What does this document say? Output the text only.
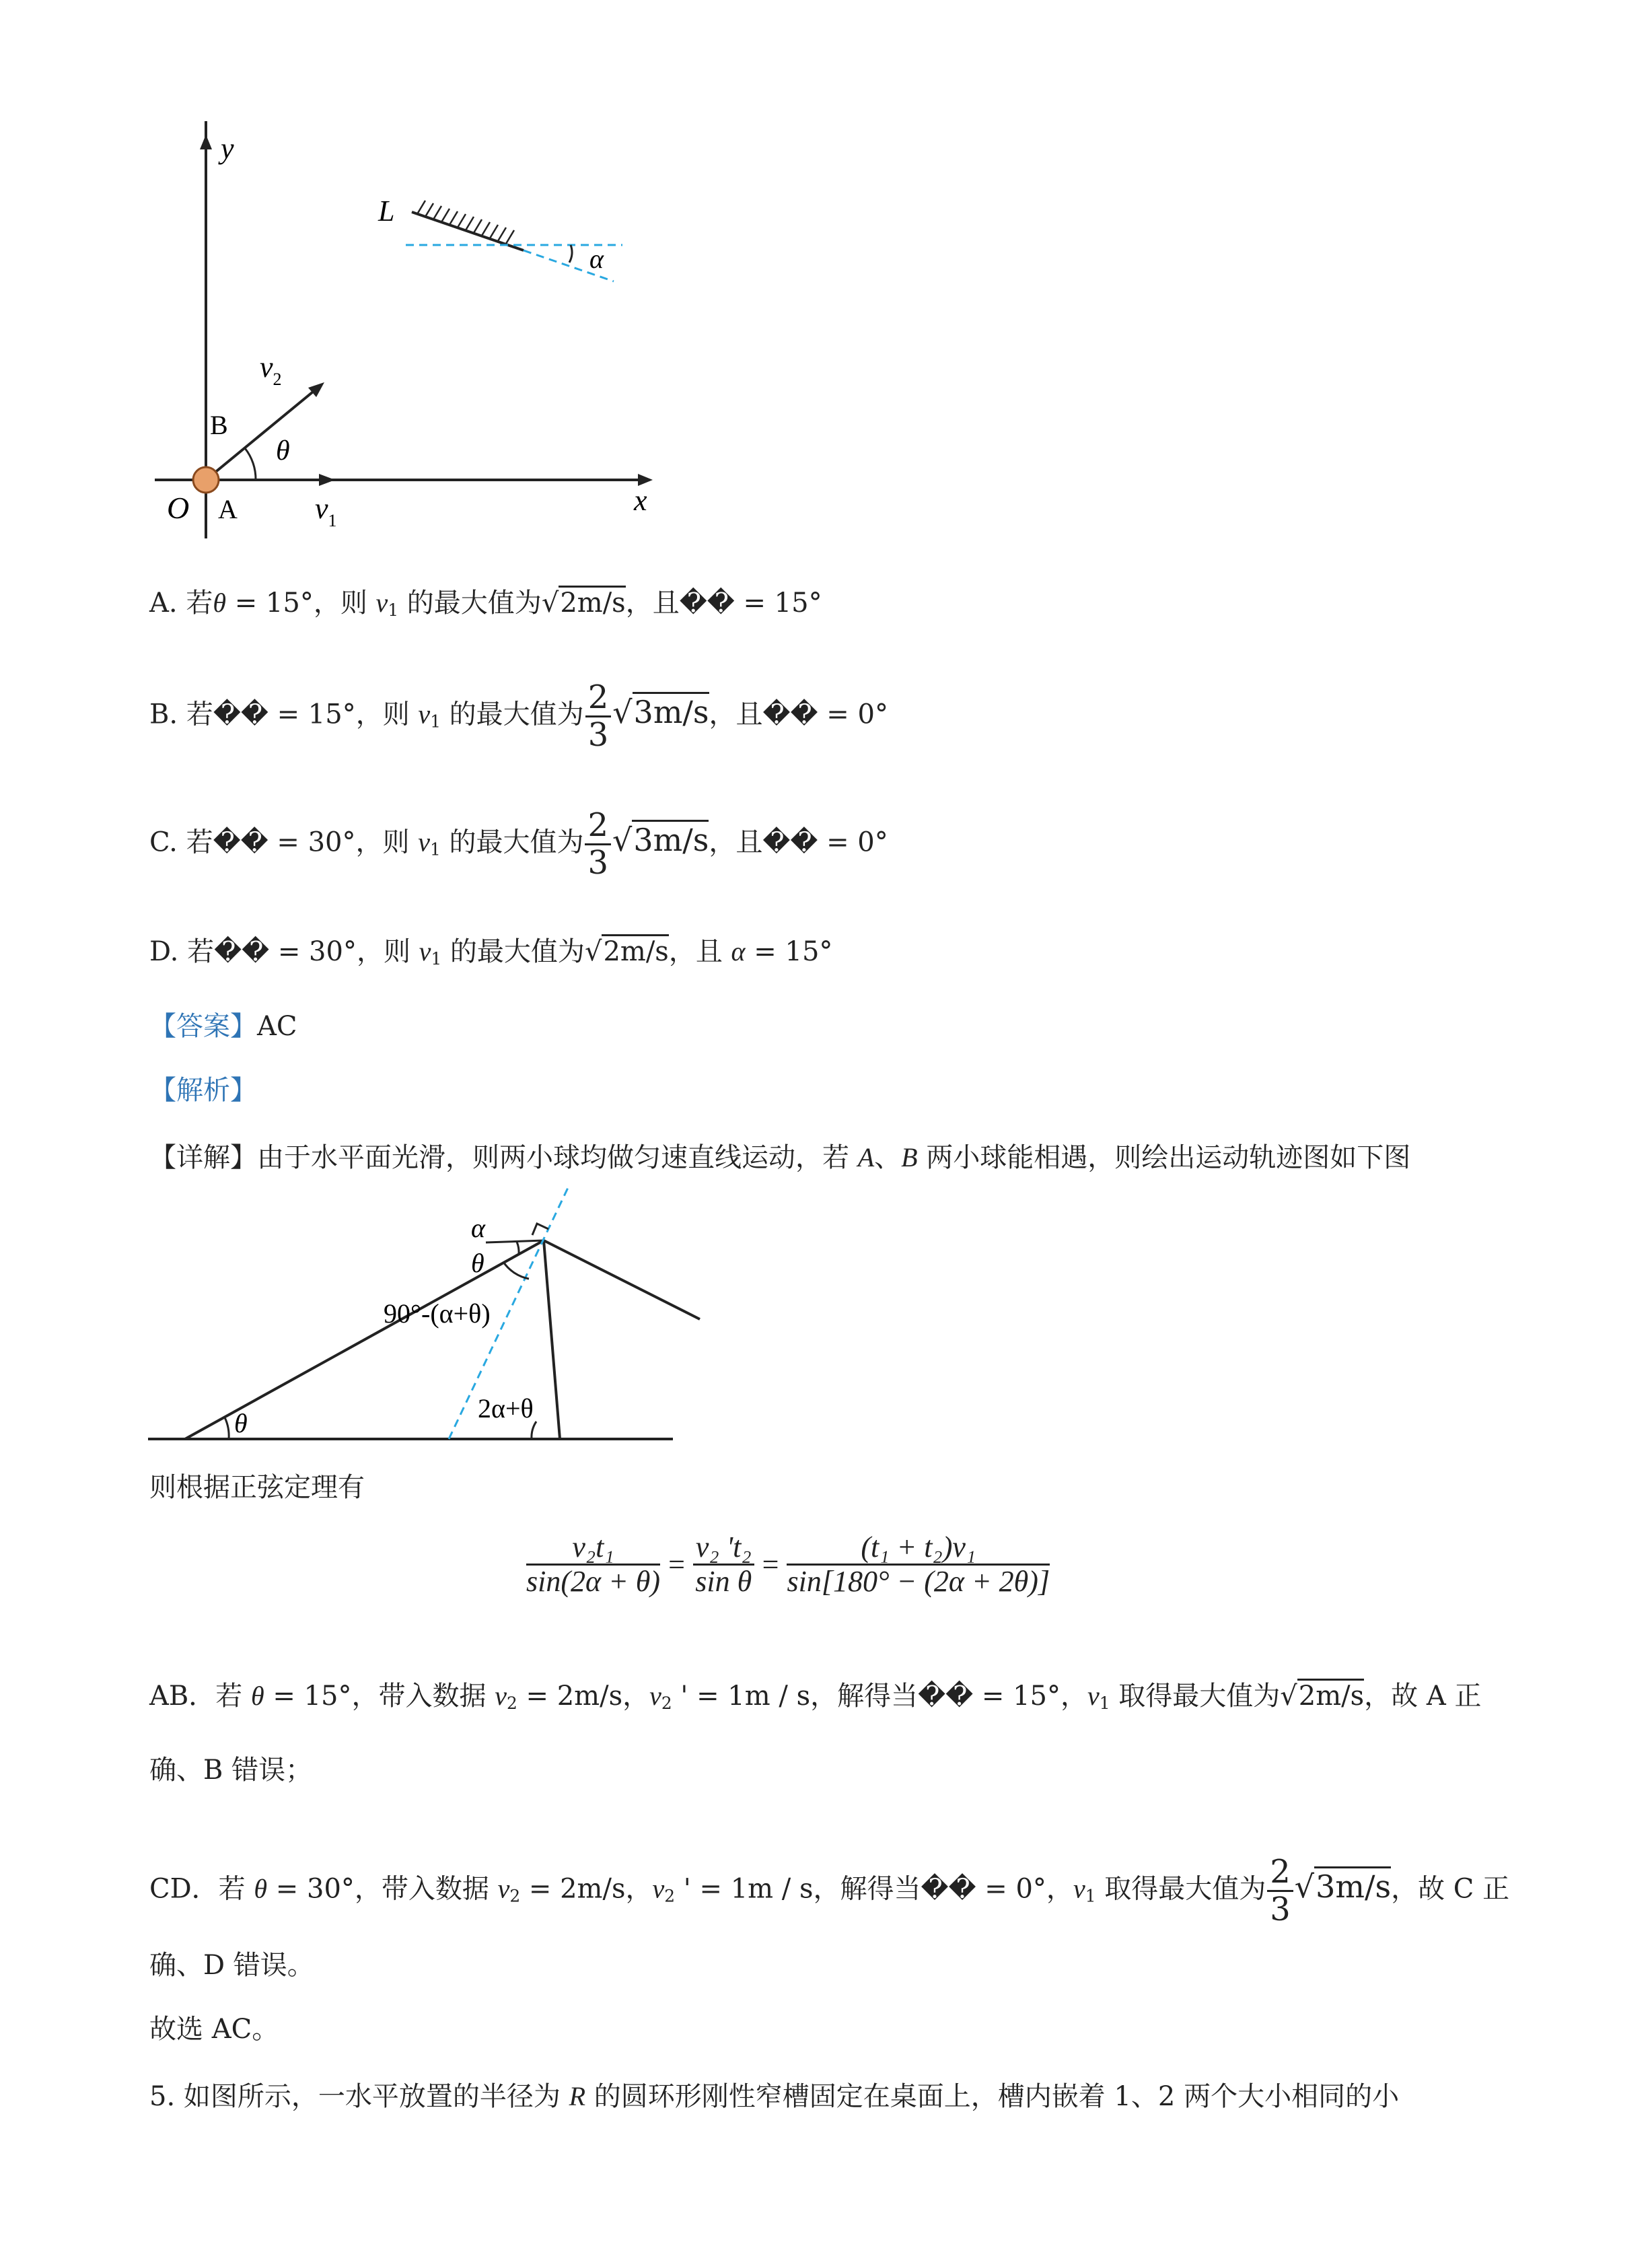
y
x
O
L
α
$v_2$
θ
B
$v_1$
A
A. 若θ = 15°，则 $v_1$ 的最大值为√2m/s，且�� = 15°
B. 若�� = 15°，则 $v_1$ 的最大值为 $\frac{2}{3} √3m/s$，且�� = 0°
C. 若�� = 30°，则 $v_1$ 的最大值为 $\frac{2}{3} √3m/s$，且�� = 0°
D. 若�� = 30°，则 $v_1$ 的最大值为√2m/s，且 α = 15°
【答案】AC
【解析】
【详解】由于水平面光滑，则两小球均做匀速直线运动，若 A、B 两小球能相遇，则绘出运动轨迹图如下图
α
θ
90°-(α+θ)
2α+θ
θ
则根据正弦定理有
$\frac{\text{v₂t₁}}{\sin(2\alpha + \theta)} = \frac{\text{v₂ 't₂}}{\text{sin θ}} = \frac{\text{(t₁ + t₂)v₁}}{\sin[180^\circ - (2\alpha + 2\theta)]}$
AB．若 θ = 15°，带入数据 $v_2 = 2m/s$，$v_2$ ' = 1m / s，解得当�� = 15°，$v_1$ 取得最大值为√2m/s，故 A 正
确、B 错误；
CD．若 θ = 30°，带入数据 $v_2 = 2m/s$，$v_2$ ' = 1m / s，解得当�� = 0°，$v_1$ 取得最大值为 $\frac{2}{3} √3m/s$，故 C 正
确、D 错误。
故选 AC。
5. 如图所示，一水平放置的半径为 R 的圆环形刚性窄槽固定在桌面上，槽内嵌着 1、2 两个大小相同的小
